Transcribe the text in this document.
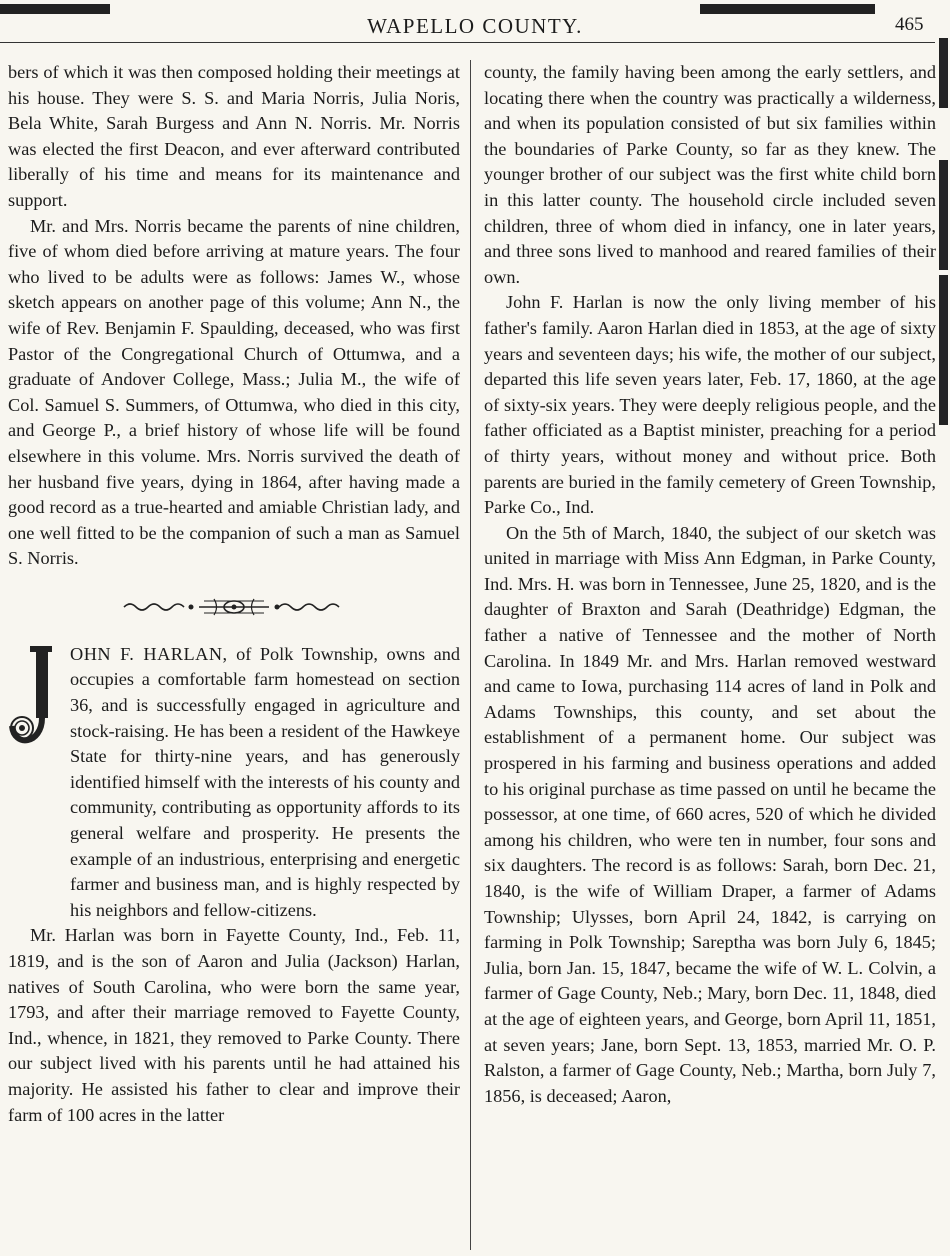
WAPELLO COUNTY.	465

bers of which it was then composed holding their meetings at his house. They were S. S. and Maria Norris, Julia Noris, Bela White, Sarah Burgess and Ann N. Norris. Mr. Norris was elected the first Deacon, and ever afterward contributed liberally of his time and means for its maintenance and support.

Mr. and Mrs. Norris became the parents of nine children, five of whom died before arriving at mature years. The four who lived to be adults were as follows: James W., whose sketch appears on another page of this volume; Ann N., the wife of Rev. Benjamin F. Spaulding, deceased, who was first Pastor of the Congregational Church of Ottumwa, and a graduate of Andover College, Mass.; Julia M., the wife of Col. Samuel S. Summers, of Ottumwa, who died in this city, and George P., a brief history of whose life will be found elsewhere in this volume. Mrs. Norris survived the death of her husband five years, dying in 1864, after having made a good record as a true-hearted and amiable Christian lady, and one well fitted to be the companion of such a man as Samuel S. Norris.

OHN F. HARLAN, of Polk Township, owns and occupies a comfortable farm homestead on section 36, and is successfully engaged in agriculture and stock-raising. He has been a resident of the Hawkeye State for thirty-nine years, and has generously identified himself with the interests of his county and community, contributing as opportunity affords to its general welfare and prosperity. He presents the example of an industrious, enterprising and energetic farmer and business man, and is highly respected by his neighbors and fellow-citizens.

Mr. Harlan was born in Fayette County, Ind., Feb. 11, 1819, and is the son of Aaron and Julia (Jackson) Harlan, natives of South Carolina, who were born the same year, 1793, and after their marriage removed to Fayette County, Ind., whence, in 1821, they removed to Parke County. There our subject lived with his parents until he had attained his majority. He assisted his father to clear and improve their farm of 100 acres in the latter

county, the family having been among the early settlers, and locating there when the country was practically a wilderness, and when its population consisted of but six families within the boundaries of Parke County, so far as they knew. The younger brother of our subject was the first white child born in this latter county. The household circle included seven children, three of whom died in infancy, one in later years, and three sons lived to manhood and reared families of their own.

John F. Harlan is now the only living member of his father's family. Aaron Harlan died in 1853, at the age of sixty years and seventeen days; his wife, the mother of our subject, departed this life seven years later, Feb. 17, 1860, at the age of sixty-six years. They were deeply religious people, and the father officiated as a Baptist minister, preaching for a period of thirty years, without money and without price. Both parents are buried in the family cemetery of Green Township, Parke Co., Ind.

On the 5th of March, 1840, the subject of our sketch was united in marriage with Miss Ann Edgman, in Parke County, Ind. Mrs. H. was born in Tennessee, June 25, 1820, and is the daughter of Braxton and Sarah (Deathridge) Edgman, the father a native of Tennessee and the mother of North Carolina. In 1849 Mr. and Mrs. Harlan removed westward and came to Iowa, purchasing 114 acres of land in Polk and Adams Townships, this county, and set about the establishment of a permanent home. Our subject was prospered in his farming and business operations and added to his original purchase as time passed on until he became the possessor, at one time, of 660 acres, 520 of which he divided among his children, who were ten in number, four sons and six daughters. The record is as follows: Sarah, born Dec. 21, 1840, is the wife of William Draper, a farmer of Adams Township; Ulysses, born April 24, 1842, is carrying on farming in Polk Township; Sareptha was born July 6, 1845; Julia, born Jan. 15, 1847, became the wife of W. L. Colvin, a farmer of Gage County, Neb.; Mary, born Dec. 11, 1848, died at the age of eighteen years, and George, born April 11, 1851, at seven years; Jane, born Sept. 13, 1853, married Mr. O. P. Ralston, a farmer of Gage County, Neb.; Martha, born July 7, 1856, is deceased; Aaron,
